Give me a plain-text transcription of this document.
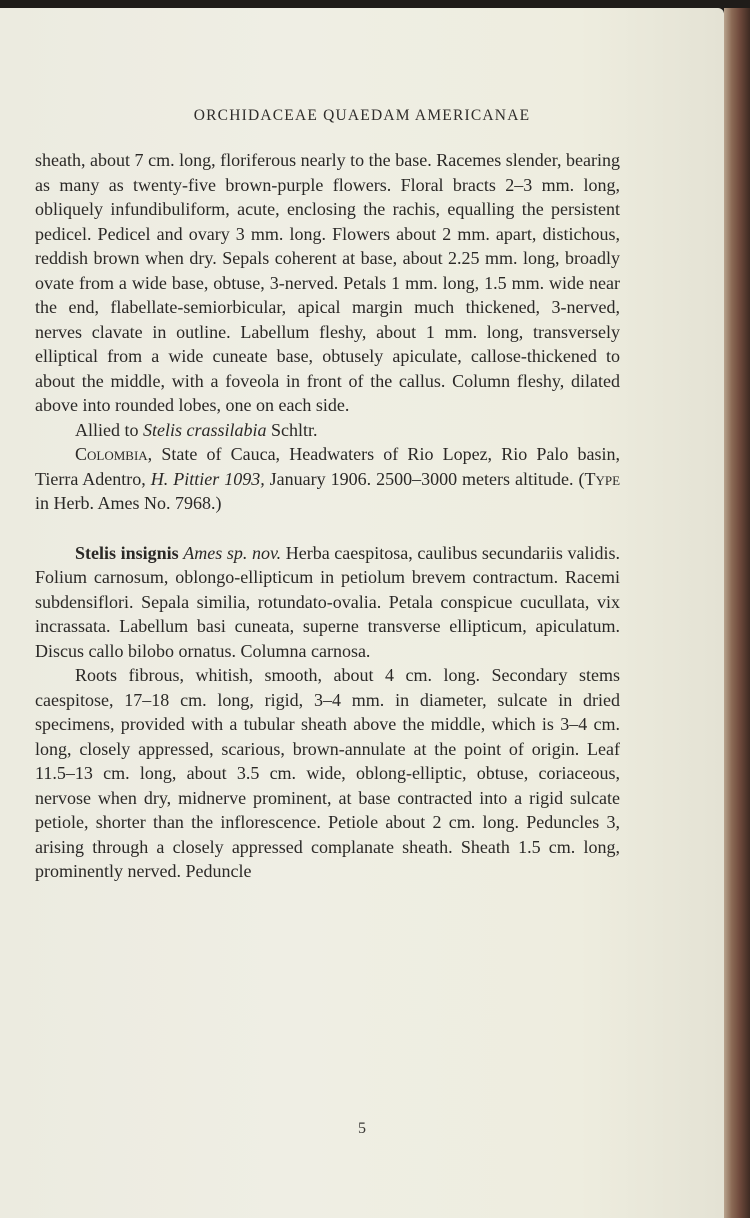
ORCHIDACEAE QUAEDAM AMERICANAE

sheath, about 7 cm. long, floriferous nearly to the base. Racemes slender, bearing as many as twenty-five brown-purple flowers. Floral bracts 2–3 mm. long, obliquely infundibuliform, acute, enclosing the rachis, equalling the persistent pedicel. Pedicel and ovary 3 mm. long. Flowers about 2 mm. apart, distichous, reddish brown when dry. Sepals coherent at base, about 2.25 mm. long, broadly ovate from a wide base, obtuse, 3-nerved. Petals 1 mm. long, 1.5 mm. wide near the end, flabellate-semiorbicular, apical margin much thickened, 3-nerved, nerves clavate in outline. Labellum fleshy, about 1 mm. long, transversely elliptical from a wide cuneate base, obtusely apiculate, callose-thickened to about the middle, with a foveola in front of the callus. Column fleshy, dilated above into rounded lobes, one on each side.

Allied to Stelis crassilabia Schltr.

Colombia, State of Cauca, Headwaters of Rio Lopez, Rio Palo basin, Tierra Adentro, H. Pittier 1093, January 1906. 2500–3000 meters altitude. (Type in Herb. Ames No. 7968.)

Stelis insignis Ames sp. nov. Herba caespitosa, caulibus secundariis validis. Folium carnosum, oblongo-ellipticum in petiolum brevem contractum. Racemi subdensiflori. Sepala similia, rotundato-ovalia. Petala conspicue cucullata, vix incrassata. Labellum basi cuneata, superne transverse ellipticum, apiculatum. Discus callo bilobo ornatus. Columna carnosa.

Roots fibrous, whitish, smooth, about 4 cm. long. Secondary stems caespitose, 17–18 cm. long, rigid, 3–4 mm. in diameter, sulcate in dried specimens, provided with a tubular sheath above the middle, which is 3–4 cm. long, closely appressed, scarious, brown-annulate at the point of origin. Leaf 11.5–13 cm. long, about 3.5 cm. wide, oblong-elliptic, obtuse, coriaceous, nervose when dry, midnerve prominent, at base contracted into a rigid sulcate petiole, shorter than the inflorescence. Petiole about 2 cm. long. Peduncles 3, arising through a closely appressed complanate sheath. Sheath 1.5 cm. long, prominently nerved. Peduncle

5
